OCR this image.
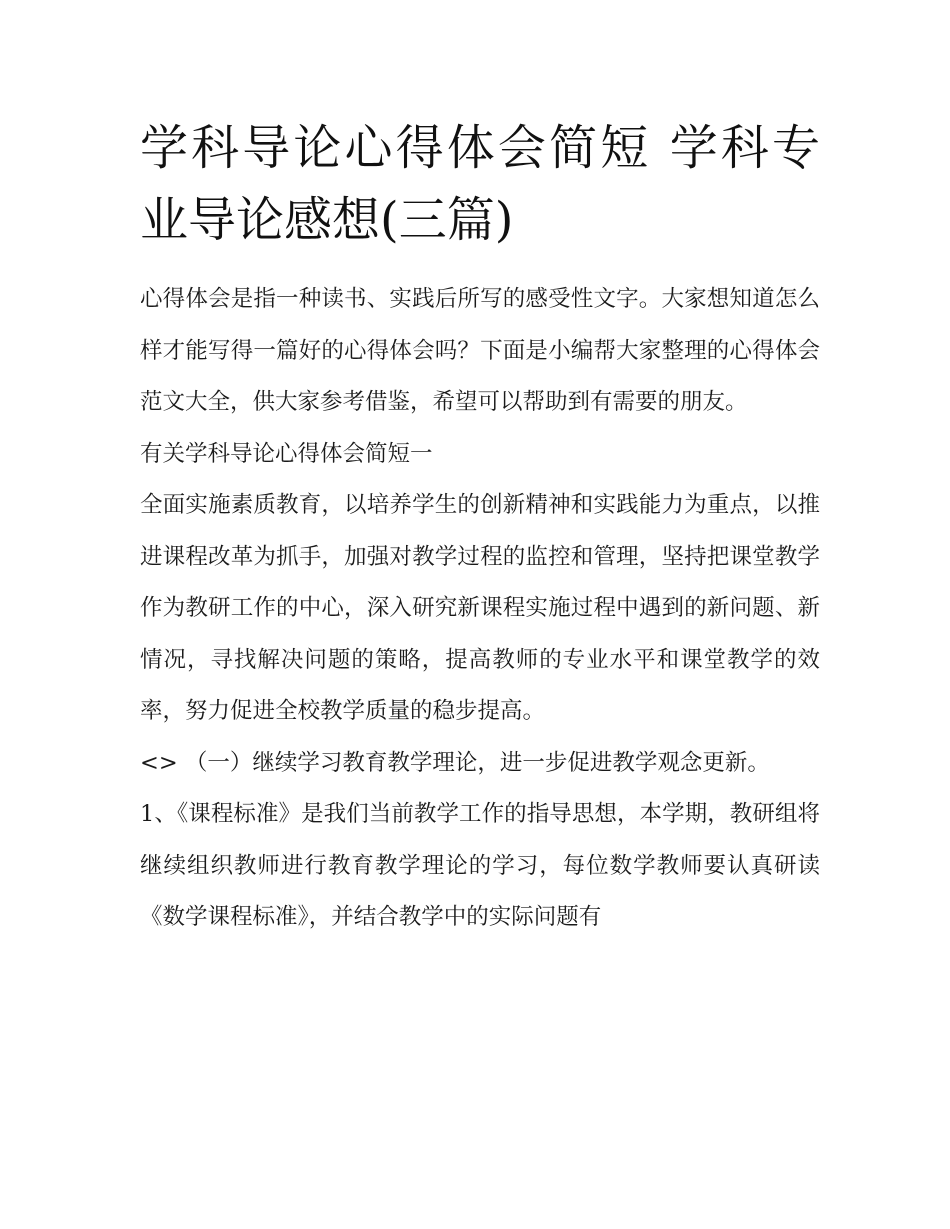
学科导论心得体会简短 学科专业导论感想(三篇)

心得体会是指一种读书、实践后所写的感受性文字。大家想知道怎么样才能写得一篇好的心得体会吗？下面是小编帮大家整理的心得体会范文大全，供大家参考借鉴，希望可以帮助到有需要的朋友。

有关学科导论心得体会简短一

全面实施素质教育，以培养学生的创新精神和实践能力为重点，以推进课程改革为抓手，加强对教学过程的监控和管理，坚持把课堂教学作为教研工作的中心，深入研究新课程实施过程中遇到的新问题、新情况，寻找解决问题的策略，提高教师的专业水平和课堂教学的效率，努力促进全校教学质量的稳步提高。

<> （一）继续学习教育教学理论，进一步促进教学观念更新。

1、《课程标准》是我们当前教学工作的指导思想，本学期，教研组将继续组织教师进行教育教学理论的学习，每位数学教师要认真研读《数学课程标准》，并结合教学中的实际问题有
